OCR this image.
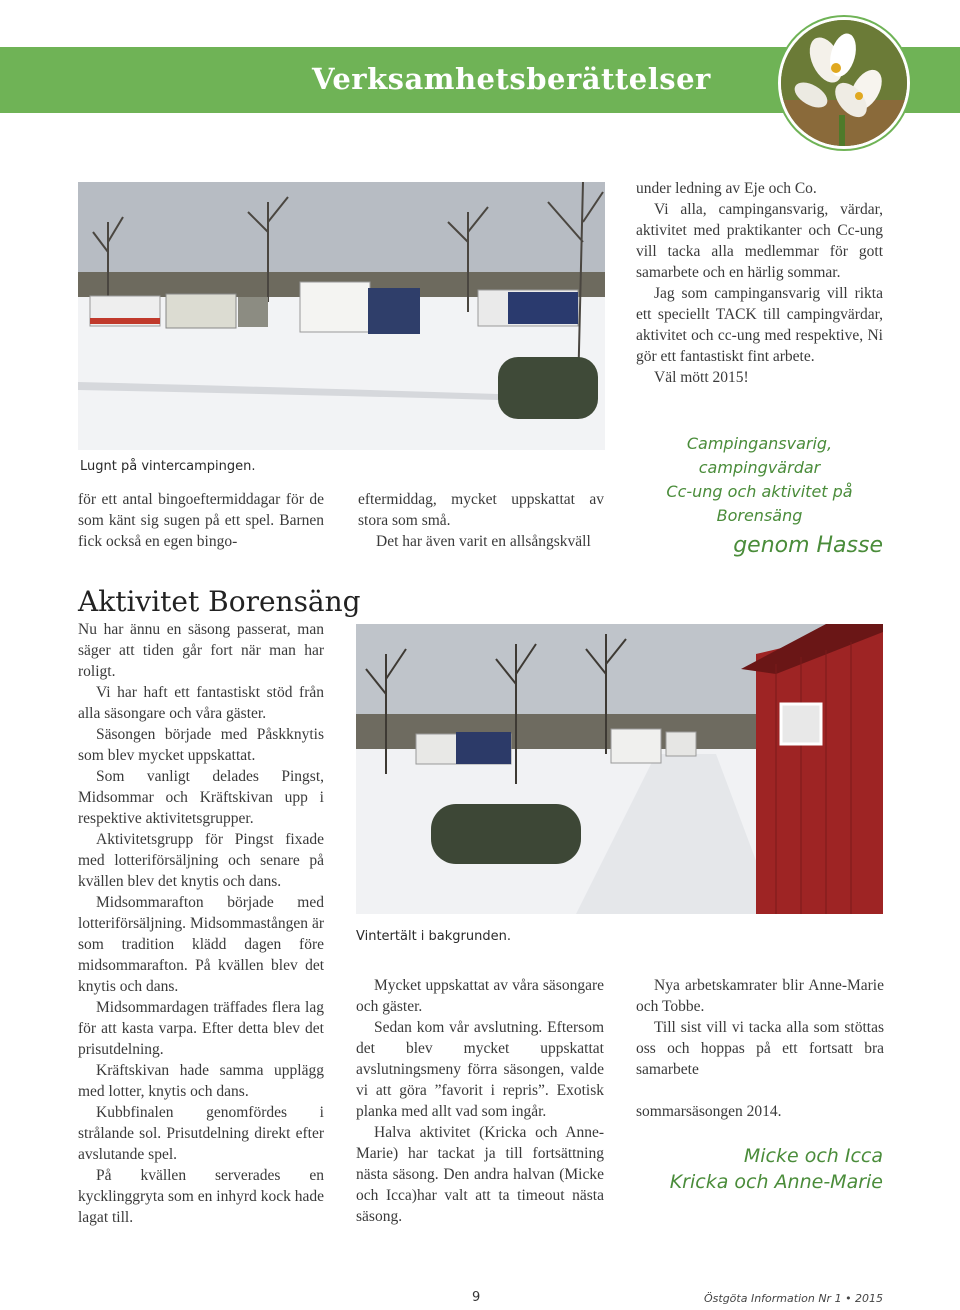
Verksamhetsberättelser
Lugnt på vintercampingen.

för ett antal bingoeftermiddagar för de som känt sig sugen på ett spel. Barnen fick också en egen bingo-

eftermiddag, mycket uppskattat av stora som små.

Det har även varit en allsångskväll

under ledning av Eje och Co.

Vi alla, campingansvarig, värdar, aktivitet med praktikanter och Cc-ung vill tacka alla medlemmar för gott samarbete och en härlig sommar.

Jag som campingansvarig vill rikta ett speciellt TACK till campingvärdar, aktivitet och cc-ung med respektive, Ni gör ett fantastiskt fint arbete.

Väl mött 2015!

Campingansvarig,
campingvärdar
Cc-ung och aktivitet på
Borensäng
genom Hasse
Aktivitet Borensäng
Vintertält i bakgrunden.

Nu har ännu en säsong passerat, man säger att tiden går fort när man har roligt.

Vi har haft ett fantastiskt stöd från alla säsongare och våra gäster.

Säsongen började med Påskknytis som blev mycket uppskattat.

Som vanligt delades Pingst, Midsommar och Kräftskivan upp i respektive aktivitetsgrupper.

Aktivitetsgrupp för Pingst fixade med lotteriförsäljning och senare på kvällen blev det knytis och dans.

Midsommarafton började med lotteriförsäljning. Midsommastången är som tradition klädd dagen före midsommarafton. På kvällen blev det knytis och dans.

Midsommardagen träffades flera lag för att kasta varpa. Efter detta blev det prisutdelning.

Kräftskivan hade samma upplägg med lotter, knytis och dans.

Kubbfinalen genomfördes i strålande sol. Prisutdelning direkt efter avslutande spel.

På kvällen serverades en kycklinggryta som en inhyrd kock hade lagat till.

Mycket uppskattat av våra säsongare och gäster.

Sedan kom vår avslutning. Eftersom det blev mycket uppskattat avslutningsmeny förra säsongen, valde vi att göra ”favorit i repris”. Exotisk planka med allt vad som ingår.

Halva aktivitet (Kricka och Anne-Marie) har tackat ja till fortsättning nästa säsong. Den andra halvan (Micke och Icca)har valt att ta timeout nästa säsong.

Nya arbetskamrater blir Anne-Marie och Tobbe.

Till sist vill vi tacka alla som stöttas oss och hoppas på ett fortsatt bra samarbete

sommarsäsongen 2014.

Micke och Icca
Kricka och Anne-Marie
9	Östgöta Information Nr 1 • 2015
